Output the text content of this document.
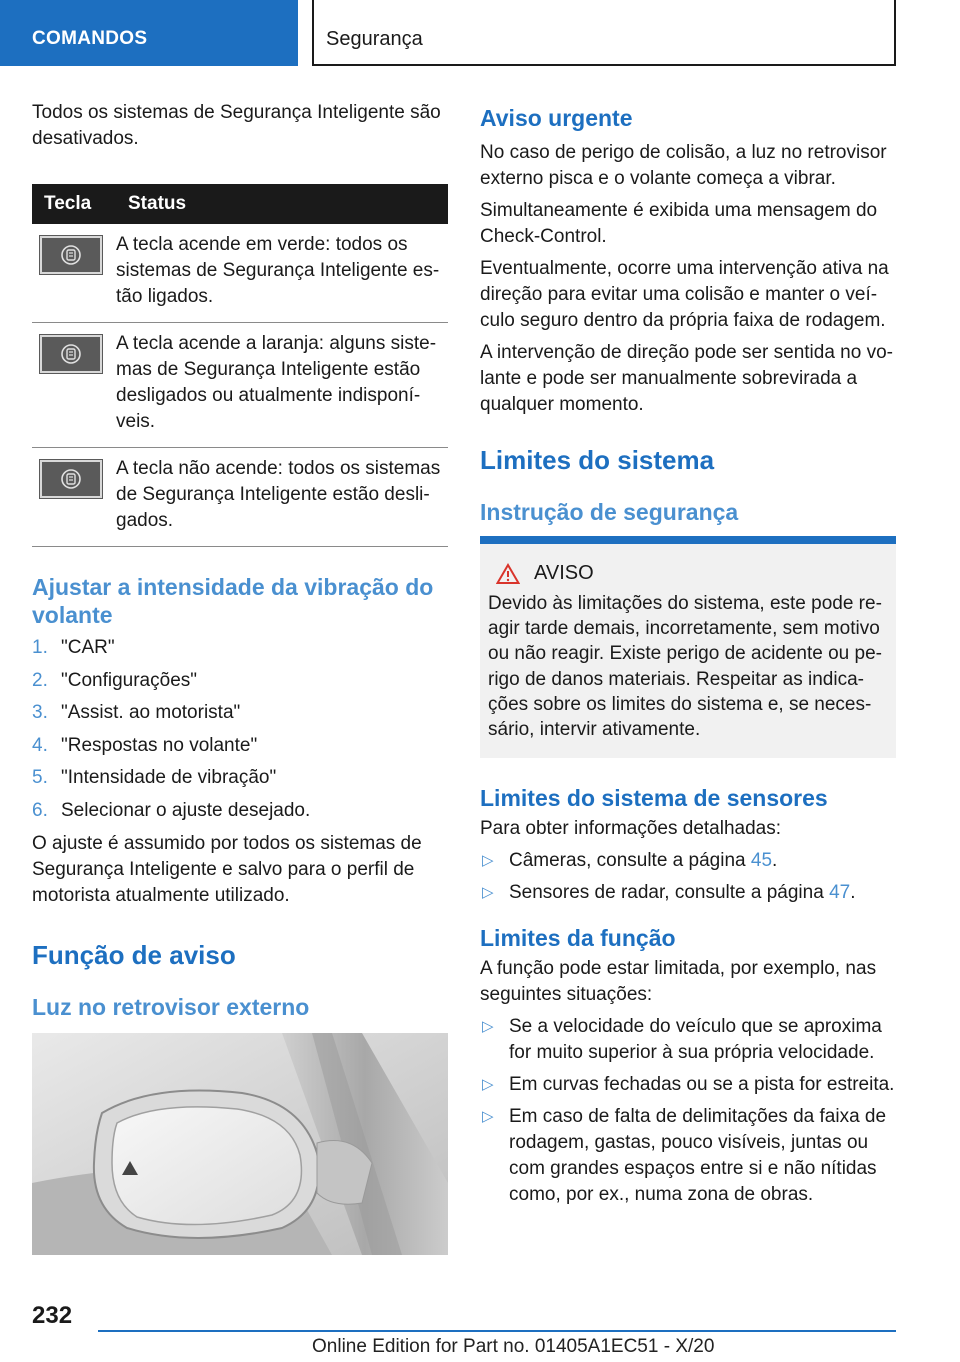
COMANDOS	Segurança

Todos os sistemas de Segurança Inteligente são desativados.

Tecla	Status

	A tecla acende em verde: todos os sistemas de Segurança Inteligente estão ligados.

	A tecla acende a laranja: alguns sistemas de Segurança Inteligente estão desligados ou atualmente indisponíveis.

	A tecla não acende: todos os sistemas de Segurança Inteligente estão desligados.
Ajustar a intensidade da vibração do volante
1. "CAR"
2. "Configurações"
3. "Assist. ao motorista"
4. "Respostas no volante"
5. "Intensidade de vibração"
6. Selecionar o ajuste desejado.

O ajuste é assumido por todos os sistemas de Segurança Inteligente e salvo para o perfil de motorista atualmente utilizado.

Função de aviso
Luz no retrovisor externo
Aviso urgente

No caso de perigo de colisão, a luz no retrovisor externo pisca e o volante começa a vibrar.

Simultaneamente é exibida uma mensagem do Check-Control.

Eventualmente, ocorre uma intervenção ativa na direção para evitar uma colisão e manter o veículo seguro dentro da própria faixa de rodagem.

A intervenção de direção pode ser sentida no volante e pode ser manualmente sobrevirada a qualquer momento.

Limites do sistema
Instrução de segurança
AVISO

Devido às limitações do sistema, este pode reagir tarde demais, incorretamente, sem motivo ou não reagir. Existe perigo de acidente ou perigo de danos materiais. Respeitar as indicações sobre os limites do sistema e, se necessário, intervir ativamente.

Limites do sistema de sensores

Para obter informações detalhadas:

▷ Câmeras, consulte a página 45.
▷ Sensores de radar, consulte a página 47.
Limites da função

A função pode estar limitada, por exemplo, nas seguintes situações:

▷ Se a velocidade do veículo que se aproxima for muito superior à sua própria velocidade.
▷ Em curvas fechadas ou se a pista for estreita.
▷ Em caso de falta de delimitações da faixa de rodagem, gastas, pouco visíveis, juntas ou com grandes espaços entre si e não nítidas como, por ex., numa zona de obras.
232
Online Edition for Part no. 01405A1EC51 - X/20
